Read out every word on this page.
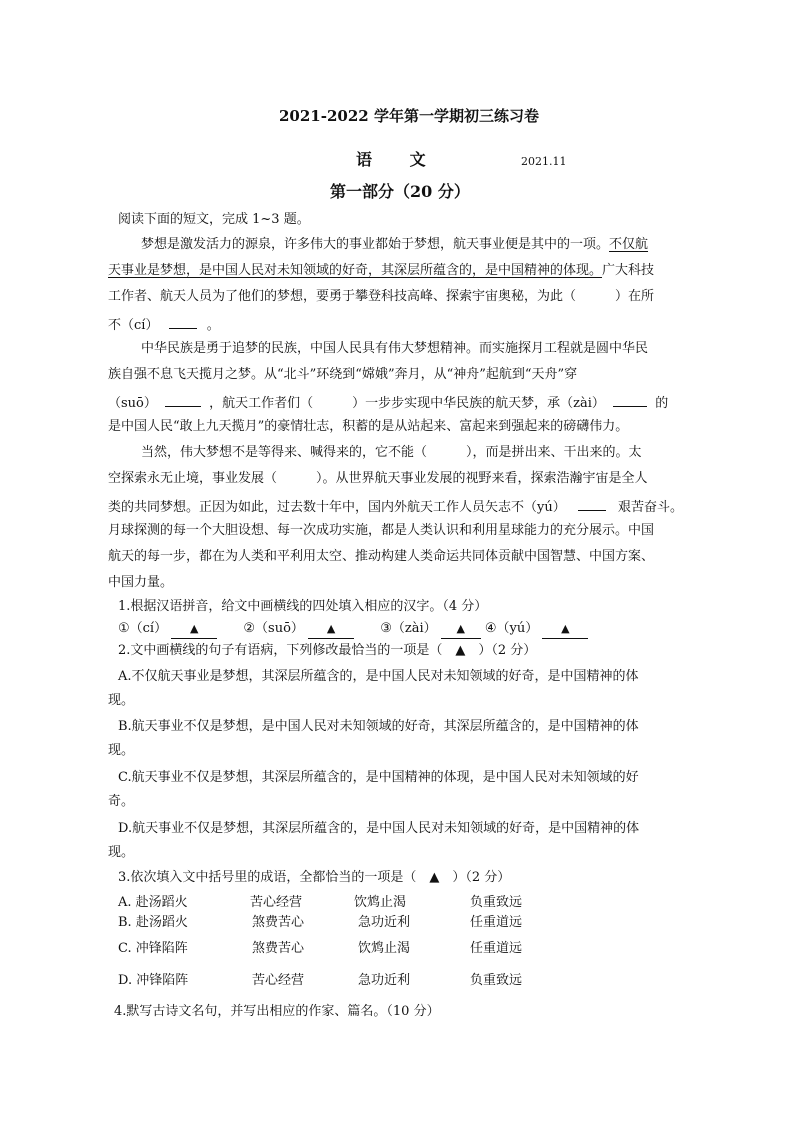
2021-2022 学年第一学期初三练习卷
语 文	2021.11
第一部分（20 分）
阅读下面的短文，完成 1~3 题。
梦想是激发活力的源泉，许多伟大的事业都始于梦想，航天事业便是其中的一项。不仅航
天事业是梦想，是中国人民对未知领域的好奇，其深层所蕴含的，是中国精神的体现。广大科技
工作者、航天人员为了他们的梦想，要勇于攀登科技高峰、探索宇宙奥秘，为此（　　　）在所
不（cí）	。
中华民族是勇于追梦的民族，中国人民具有伟大梦想精神。而实施探月工程就是圆中华民
族自强不息飞天揽月之梦。从“北斗”环绕到“嫦娥”奔月，从“神舟”起航到“天舟”穿
（suō）	，航天工作者们（　　　）一步步实现中华民族的航天梦，承（zài）	的
是中国人民“敢上九天揽月”的豪情壮志，积蓄的是从站起来、富起来到强起来的磅礴伟力。
当然，伟大梦想不是等得来、喊得来的，它不能（　　　），而是拼出来、干出来的。太
空探索永无止境，事业发展（　　　）。从世界航天事业发展的视野来看，探索浩瀚宇宙是全人
类的共同梦想。正因为如此，过去数十年中，国内外航天工作人员矢志不（yú）	艰苦奋斗。
月球探测的每一个大胆设想、每一次成功实施，都是人类认识和利用星球能力的充分展示。中国
航天的每一步，都在为人类和平利用太空、推动构建人类命运共同体贡献中国智慧、中国方案、
中国力量。
1.根据汉语拼音，给文中画横线的四处填入相应的汉字。（4 分）
①（cí） ▲	②（suō） ▲	③（zài） ▲ ④（yú） ▲
2.文中画横线的句子有语病，下列修改最恰当的一项是（　▲　）（2 分）
A.不仅航天事业是梦想，其深层所蕴含的，是中国人民对未知领域的好奇，是中国精神的体
现。
B.航天事业不仅是梦想，是中国人民对未知领域的好奇，其深层所蕴含的，是中国精神的体
现。
C.航天事业不仅是梦想，其深层所蕴含的，是中国精神的体现，是中国人民对未知领域的好
奇。
D.航天事业不仅是梦想，其深层所蕴含的，是中国人民对未知领域的好奇，是中国精神的体
现。
3.依次填入文中括号里的成语，全都恰当的一项是（　▲　）（2 分）
A. 赴汤蹈火	苦心经营	饮鸩止渴	负重致远
B. 赴汤蹈火	煞费苦心	急功近利	任重道远
C. 冲锋陷阵	煞费苦心	饮鸩止渴	任重道远
D. 冲锋陷阵	苦心经营	急功近利	负重致远
4.默写古诗文名句，并写出相应的作家、篇名。（10 分）
